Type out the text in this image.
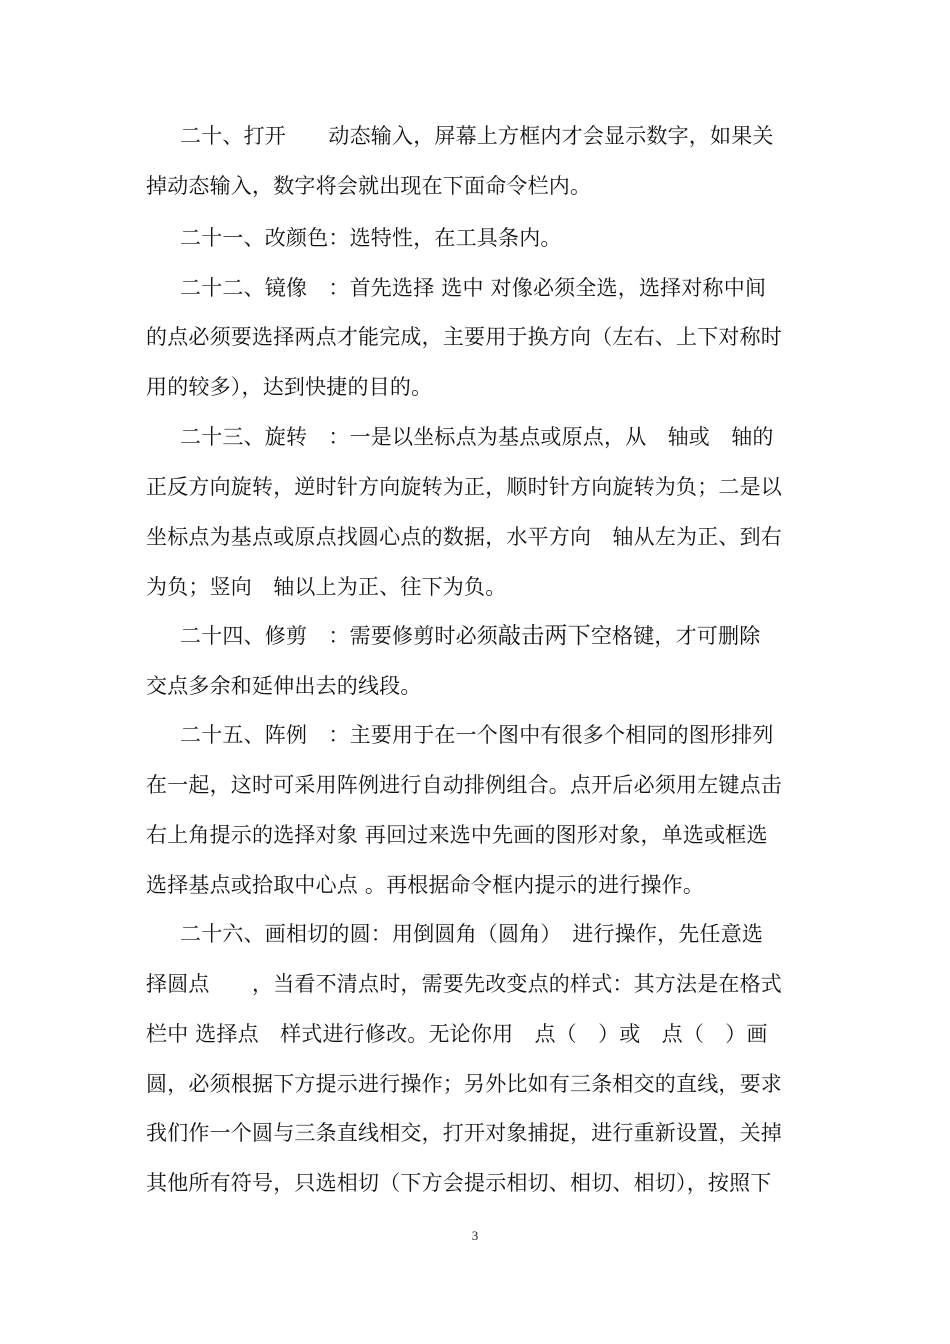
二十、打开　　动态输入，屏幕上方框内才会显示数字，如果关
掉动态输入，数字将会就出现在下面命令栏内。
二十一、改颜色：选特性，在工具条内。
二十二、镜像　：首先选择 选中 对像必须全选，选择对称中间
的点必须要选择两点才能完成，主要用于换方向（左右、上下对称时
用的较多），达到快捷的目的。
二十三、旋转　：一是以坐标点为基点或原点，从　轴或　轴的
正反方向旋转，逆时针方向旋转为正，顺时针方向旋转为负；二是以
坐标点为基点或原点找圆心点的数据，水平方向　轴从左为正、到右
为负；竖向　轴以上为正、往下为负。
二十四、修剪　：需要修剪时必须敲击两下空格键，才可删除
交点多余和延伸出去的线段。
二十五、阵例　：主要用于在一个图中有很多个相同的图形排列
在一起，这时可采用阵例进行自动排例组合。点开后必须用左键点击
右上角提示的选择对象 再回过来选中先画的图形对象，单选或框选
选择基点或拾取中心点 。再根据命令框内提示的进行操作。
二十六、画相切的圆：用倒圆角（圆角）　进行操作，先任意选
择圆点　　，当看不清点时，需要先改变点的样式：其方法是在格式
栏中 选择点　样式进行修改。无论你用　点（　）或　点（　）画
圆，必须根据下方提示进行操作；另外比如有三条相交的直线，要求
我们作一个圆与三条直线相交，打开对象捕捉，进行重新设置，关掉
其他所有符号，只选相切（下方会提示相切、相切、相切），按照下
3
